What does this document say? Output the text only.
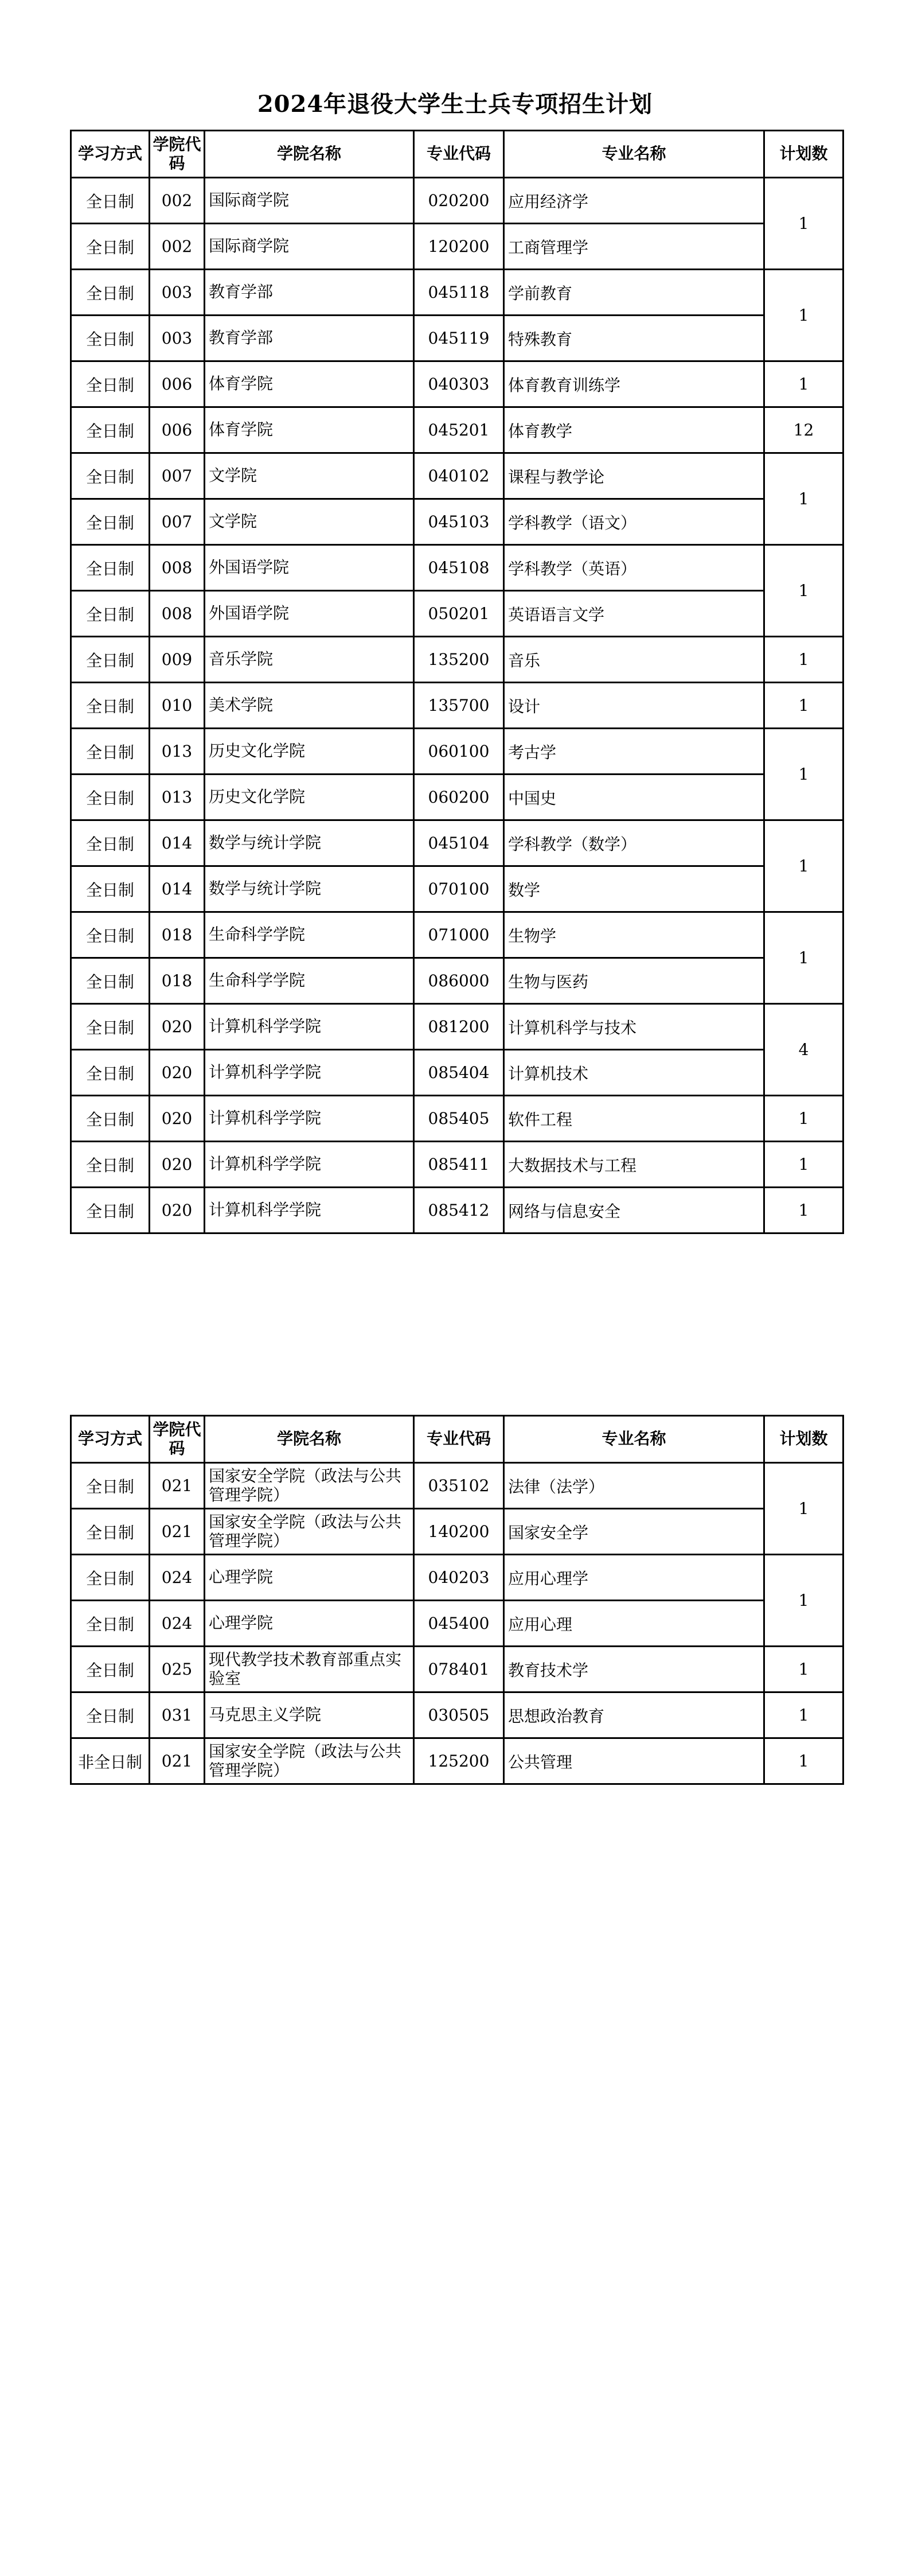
2024年退役大学生士兵专项招生计划
学习方式	学院代码	学院名称	专业代码	专业名称	计划数
全日制	002	国际商学院	020200	应用经济学	1
全日制	002	国际商学院	120200	工商管理学	
全日制	003	教育学部	045118	学前教育	1
全日制	003	教育学部	045119	特殊教育	
全日制	006	体育学院	040303	体育教育训练学	1
全日制	006	体育学院	045201	体育教学	12
全日制	007	文学院	040102	课程与教学论	1
全日制	007	文学院	045103	学科教学（语文）	
全日制	008	外国语学院	045108	学科教学（英语）	1
全日制	008	外国语学院	050201	英语语言文学	
全日制	009	音乐学院	135200	音乐	1
全日制	010	美术学院	135700	设计	1
全日制	013	历史文化学院	060100	考古学	1
全日制	013	历史文化学院	060200	中国史	
全日制	014	数学与统计学院	045104	学科教学（数学）	1
全日制	014	数学与统计学院	070100	数学	
全日制	018	生命科学学院	071000	生物学	1
全日制	018	生命科学学院	086000	生物与医药	
全日制	020	计算机科学学院	081200	计算机科学与技术	4
全日制	020	计算机科学学院	085404	计算机技术	
全日制	020	计算机科学学院	085405	软件工程	1
全日制	020	计算机科学学院	085411	大数据技术与工程	1
全日制	020	计算机科学学院	085412	网络与信息安全	1
学习方式	学院代码	学院名称	专业代码	专业名称	计划数
全日制	021	国家安全学院（政法与公共管理学院）	035102	法律（法学）	1
全日制	021	国家安全学院（政法与公共管理学院）	140200	国家安全学	
全日制	024	心理学院	040203	应用心理学	1
全日制	024	心理学院	045400	应用心理	
全日制	025	现代教学技术教育部重点实验室	078401	教育技术学	1
全日制	031	马克思主义学院	030505	思想政治教育	1
非全日制	021	国家安全学院（政法与公共管理学院）	125200	公共管理	1
